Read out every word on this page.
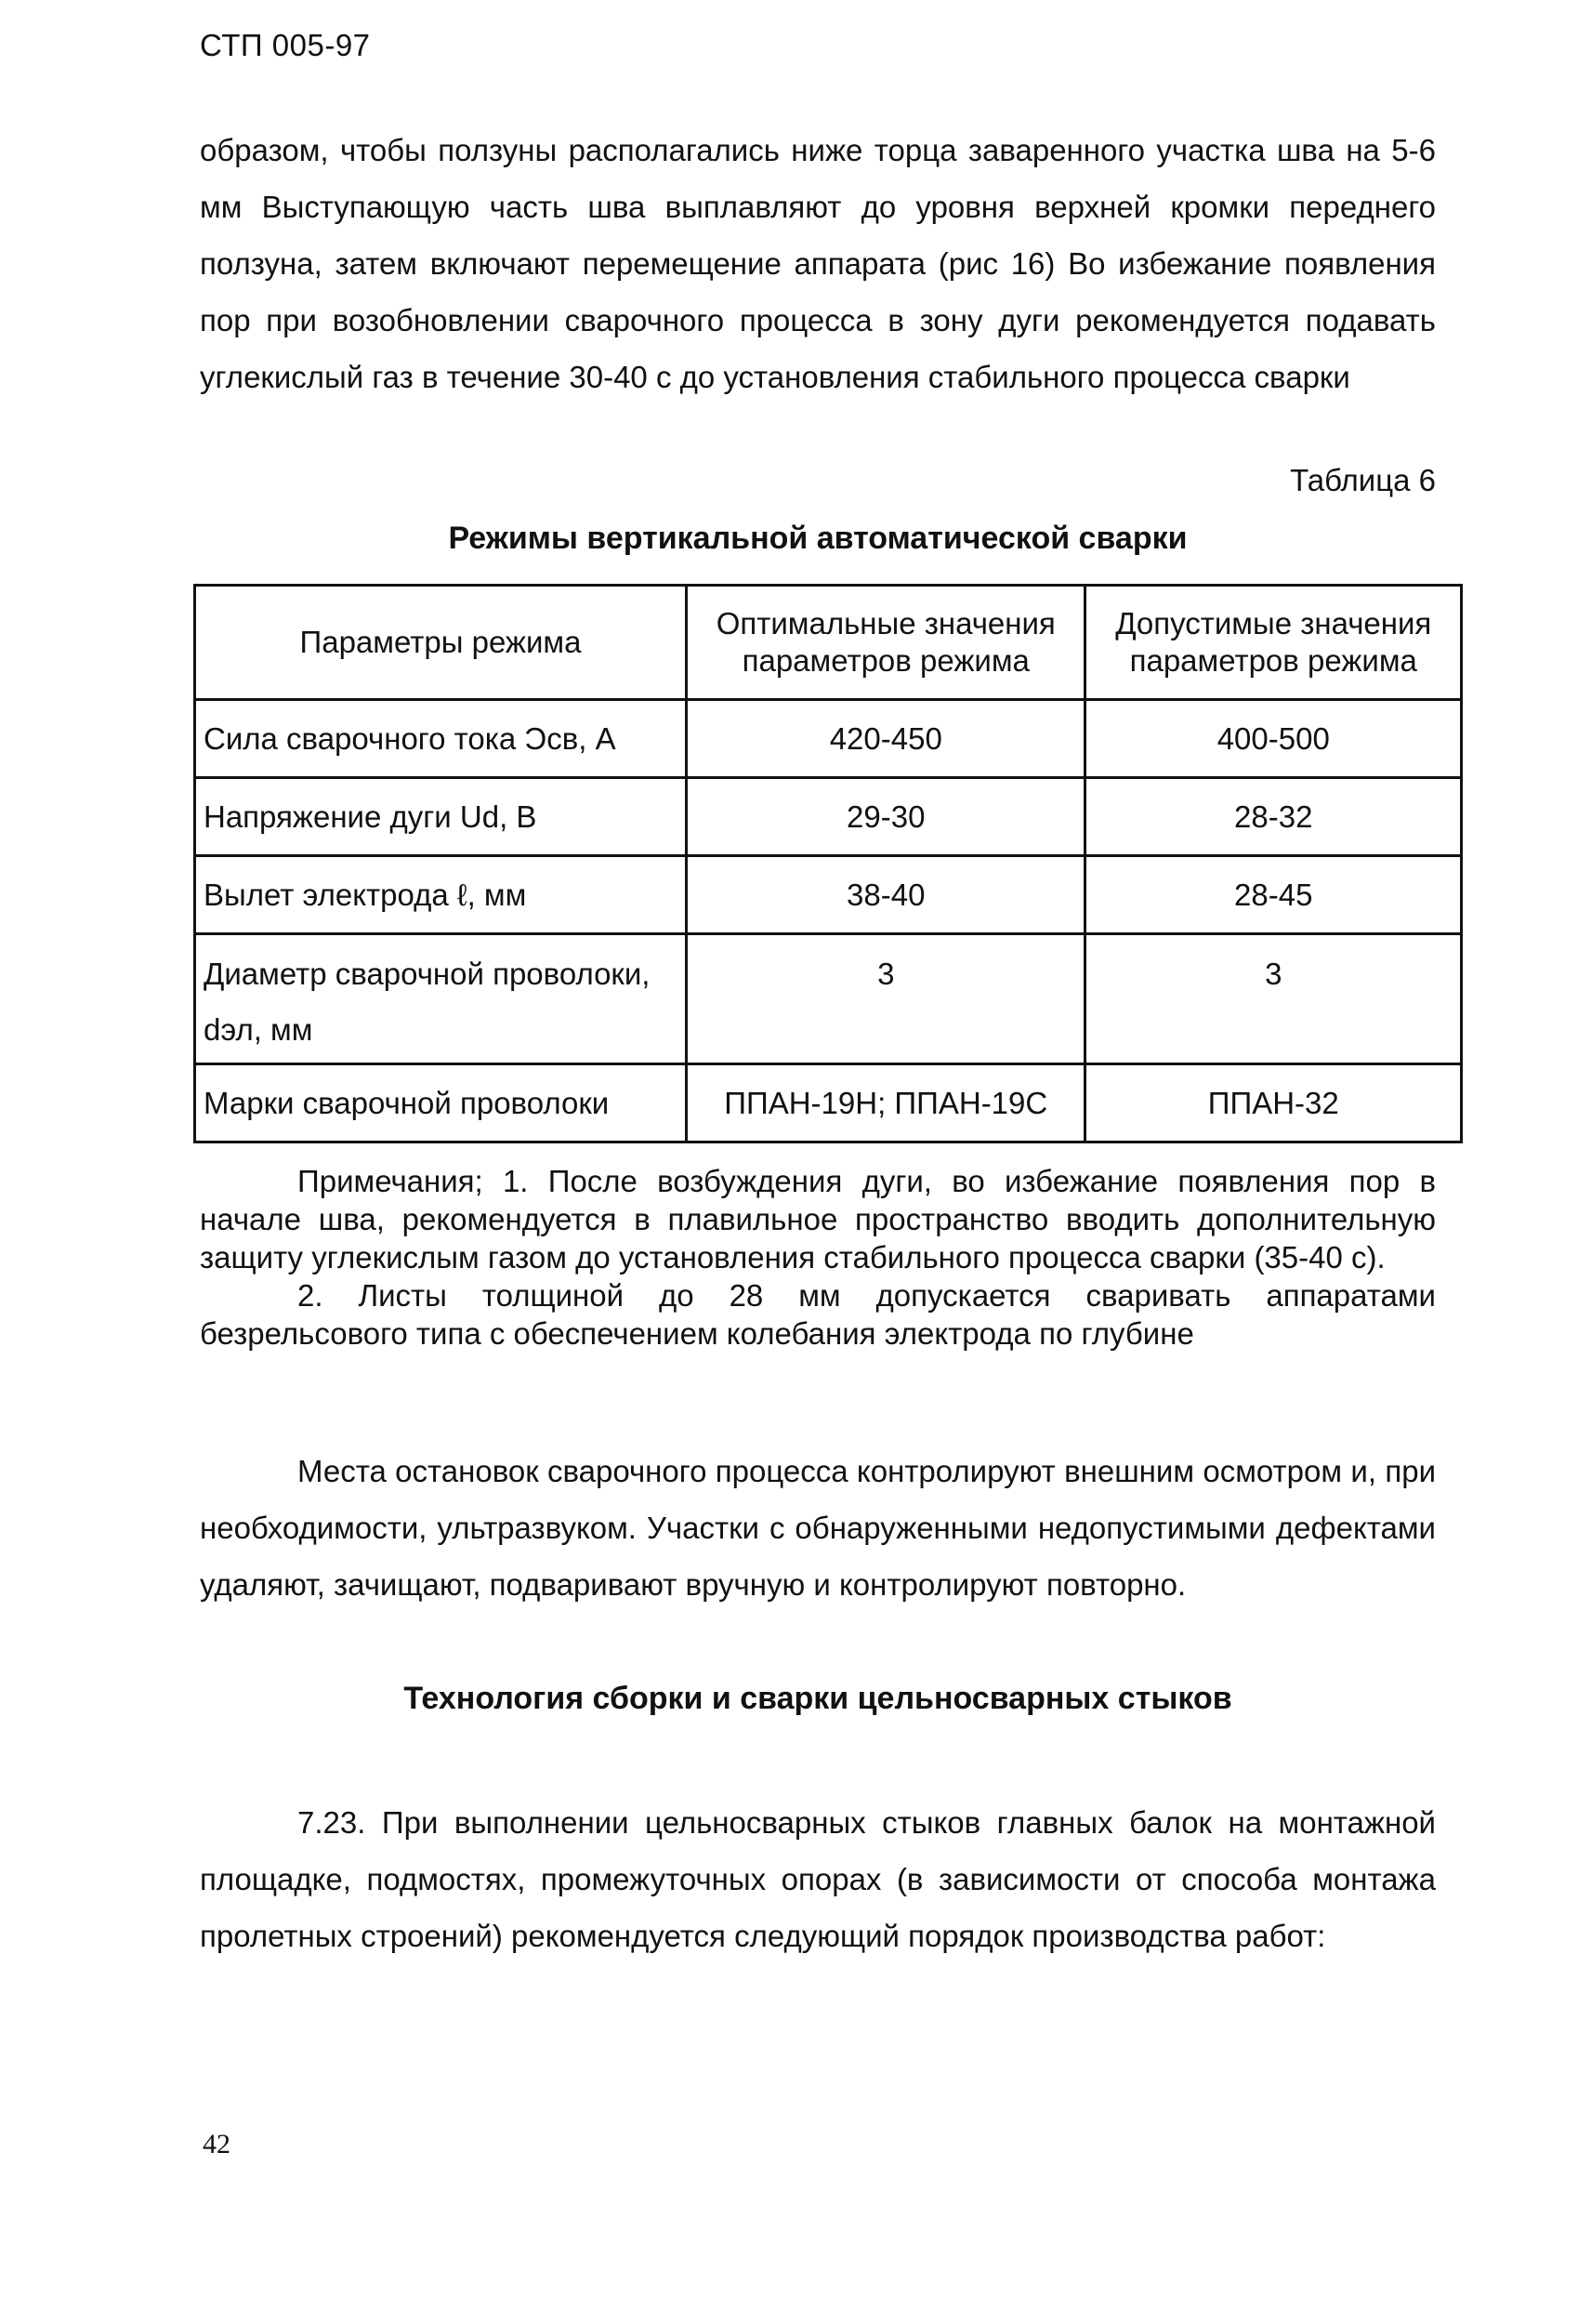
СТП 005-97
образом, чтобы ползуны располагались ниже торца заваренного участка шва на 5-6 мм Выступающую часть шва выплавляют до уровня верхней кромки переднего ползуна, затем включают перемещение аппарата (рис 16) Во избежание появления пор при возобновлении сварочного процесса в зону дуги рекомендуется подавать углекислый газ в течение 30-40 с до установления стабильного процесса сварки
Таблица 6
Режимы вертикальной автоматической сварки
Параметры режима	Оптимальные значения параметров режима	Допустимые значения параметров режима
Сила сварочного тока Ɔсв, А	420-450	400-500
Напряжение дуги Ud, В	29-30	28-32
Вылет электрода ℓ, мм	38-40	28-45
Диаметр сварочной проволоки, dэл, мм	3	3
Марки сварочной проволоки	ППАН-19Н; ППАН-19С	ППАН-32

Примечания; 1. После возбуждения дуги, во избежание появления пор в начале шва, рекомендуется в плавильное пространство вводить дополнительную защиту углекислым газом до установления стабильного процесса сварки (35-40 с).

2. Листы толщиной до 28 мм допускается сваривать аппаратами безрельсового типа с обеспечением колебания электрода по глубине

Места остановок сварочного процесса контролируют внешним осмотром и, при необходимости, ультразвуком. Участки с обнаруженными недопустимыми дефектами удаляют, зачищают, подваривают вручную и контролируют повторно.
Технология сборки и сварки цельносварных стыков
7.23. При выполнении цельносварных стыков главных балок на монтажной площадке, подмостях, промежуточных опорах (в зависимости от способа монтажа пролетных строений) рекомендуется следующий порядок производства работ:
42
